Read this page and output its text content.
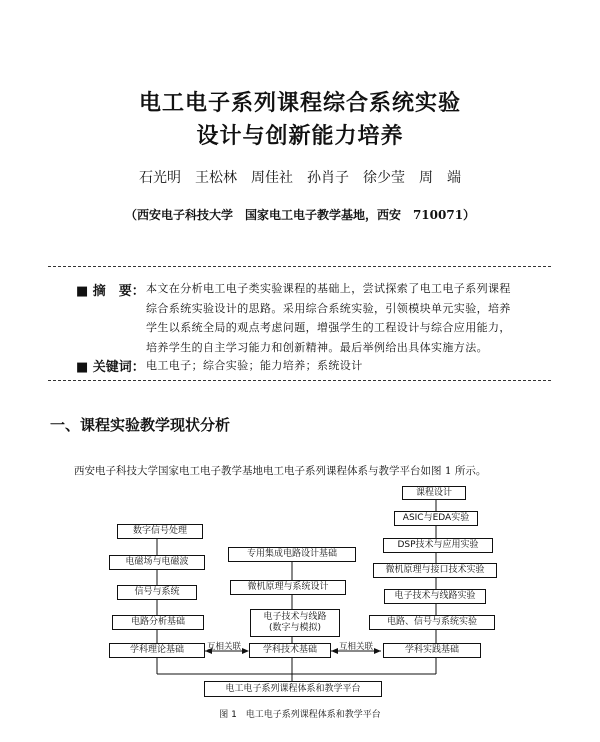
电工电子系列课程综合系统实验
设计与创新能力培养
石光明　王松林　周佳社　孙肖子　徐少莹　周　端
（西安电子科技大学　国家电工电子教学基地，西安　710071）
■ 摘　要： 本文在分析电工电子类实验课程的基础上，尝试探索了电工电子系列课程
综合系统实验设计的思路。采用综合系统实验，引领模块单元实验，培养
学生以系统全局的观点考虑问题，增强学生的工程设计与综合应用能力，
培养学生的自主学习能力和创新精神。最后举例给出具体实施方法。
■ 关键词： 电工电子；综合实验；能力培养；系统设计
一、课程实验教学现状分析
西安电子科技大学国家电工电子教学基地电工电子系列课程体系与教学平台如图 1 所示。
数字信号处理
电磁场与电磁波
信号与系统
电路分析基础
学科理论基础
专用集成电路设计基础
微机原理与系统设计
电子技术与线路
(数字与模拟)
学科技术基础
课程设计
ASIC与EDA实验
DSP技术与应用实验
微机原理与接口技术实验
电子技术与线路实验
电路、信号与系统实验
学科实践基础
互相关联	互相关联
电工电子系列课程体系和教学平台
图 1　电工电子系列课程体系和教学平台
